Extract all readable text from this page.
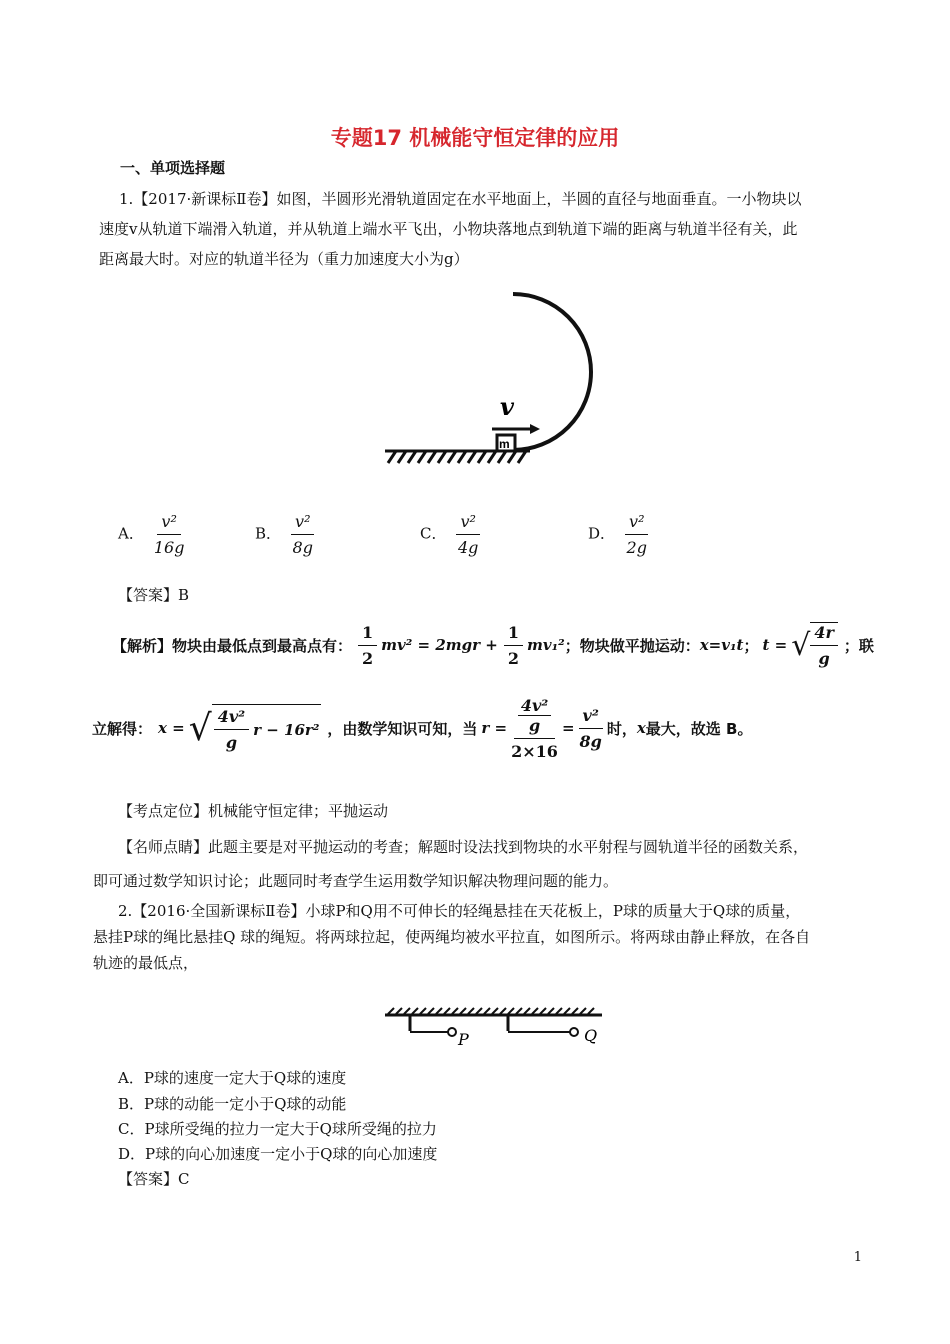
专题17 机械能守恒定律的应用
一、单项选择题
1.【2017·新课标Ⅱ卷】如图，半圆形光滑轨道固定在水平地面上，半圆的直径与地面垂直。一小物块以
速度v从轨道下端滑入轨道，并从轨道上端水平飞出，小物块落地点到轨道下端的距离与轨道半径有关，此
距离最大时。对应的轨道半径为（重力加速度大小为g）
m
v
A． $\frac{\text{v²}}{16g}$	B． $\frac{\text{v²}}{8g}$	C． $\frac{\text{v²}}{4g}$	D． $\frac{\text{v²}}{2g}$
【答案】B
【解析】 物块由最低点到最高点有： $\frac{1}{2} mv^2 = 2mgr + \frac{1}{2} mv_1^2$ ；物块做平抛运动： x=v₁t ； t = √ $\frac{4r}{g}$ ；联
立解得： x = √ $\frac{\text{4v²}}{g}$ r − 16r² ，由数学知识可知，当 $r = \frac{\frac{\text{4v²}}{g}}{2\times 16} = \frac{\text{v²}}{8g}$ 时， x 最大，故选 B。
【考点定位】机械能守恒定律；平抛运动
【名师点睛】此题主要是对平抛运动的考查；解题时设法找到物块的水平射程与圆轨道半径的函数关系，
即可通过数学知识讨论；此题同时考查学生运用数学知识解决物理问题的能力。
2.【2016·全国新课标Ⅱ卷】小球P和Q用不可伸长的轻绳悬挂在天花板上，P球的质量大于Q球的质量，
悬挂P球的绳比悬挂Q 球的绳短。将两球拉起，使两绳均被水平拉直，如图所示。将两球由静止释放，在各自
轨迹的最低点，
P	Q
A．P球的速度一定大于Q球的速度
B．P球的动能一定小于Q球的动能
C．P球所受绳的拉力一定大于Q球所受绳的拉力
D．P球的向心加速度一定小于Q球的向心加速度
【答案】C
1
